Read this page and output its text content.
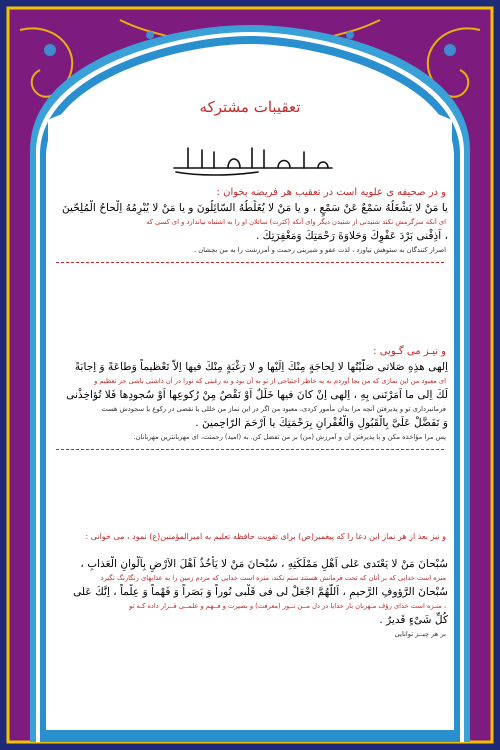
تعقیبات مشترکه
و در صحیفه ی علویه است در تعقیب هر فریضه بخوان :
یا مَنْ لا یَشْغَلُهُ سَمْعٌ عَنْ سَمْعٍ ، و یا مَنْ لا یُغَلِّطُهُ السّائِلُونَ و یا مَنْ لا یُبْرِمُهُ اِلْحاحُ الْمُلِحّینَ
ای آنکه سرگرمش نکند شنیدنی از شنیدن دیگر وای آنکه (کثرت) سائلان او را به اشتباه نیاندازد و ای کسی که
، اَذِقْنی بَرْدَ عَفْوِكَ وَحَلاوَةَ رَحْمَتِكَ وَمَغْفِرَتِكَ .
اصرار کنندگان به ستوهش نیاورد ، لذت عفو و شیرینی رحمت و آمرزشت را به من بچشان .
و نیـز می گـویی :
اِلهی هذِهِ صَلاتی صَلَّیْتُها لا لِحاجَةٍ مِنْكَ اِلَیْها و لا رَغْبَةٍ مِنْكَ فیها اِلاّ تَعْظیماً وَطاعَةً وَ اِجابَةً
ای معبود من این نمازی که من بجا آوردم نه به خاطر احتیاجی از تو به آن بود و نه رغبتی که تورا در آن داشتی باشی جز تعظیم و
لَكَ اِلی ما اَمَرْتَنی بِهِ ، اِلهی اِنْ كانَ فیها خَلَلٌ اَوْ نَقْصٌ مِنْ رُكوعِها اَوْ سُجودِها فَلا تُؤاخِذْنی
فرمانبرداری تو و پذیرفتن آنچه مرا بدان مأمور کردی، معبود من اگر در این نماز من خللی یا نقصی در رکوع یا سجودش هست
وَ تَفَضَّلْ عَلَیَّ بِالْقَبُولِ وَالْغُفْرانِ بِرَحْمَتِكَ یا اَرْحَمَ الرّاحِمینَ .
پس مرا مؤاخذه مکن و با پذیرفتن آن و آمرزش (من) بر من تفضل کن. به (امید) رحمتت، ای مهربانترین مهربانان.
و نیز بعد از هر نماز این دعا را که پیغمبر(ص) برای تقویت حافظه تعلیم به امیرالمؤمنین(ع) نمود ، می خوانی :
سُبْحانَ مَنْ لا یَعْتَدی عَلی اَهْلِ مَمْلَكَتِهِ ، سُبْحانَ مَنْ لا یَأخُذُ اَهْلَ الاَرْضِ بِاَلْوانِ الْعَذابِ ،
منزه است خدایی که بر آنان که تحت فرمانش هستند ستم نکند، منزه است خدایی که مردم زمین را به عذابهای رنگارنگ نگیرد
سُبْحانَ الرَّؤوفِ الرَّحیمِ ، اَللّهُمَّ اجْعَلْ لی فی قَلْبی نُوراً وَ بَصَراً وَ فَهْماً وَ عِلْماً ، اِنَّكَ عَلی
، منـزه است خدای رؤف مـهربان بار خدایا در دل مــن نــور (معرفت) و بصیرت و فــهم و علمــی قــرار داده کـه تو
كُلِّ شَیْءٍ قَدیرٌ .
بر هر چیــز توانایی
